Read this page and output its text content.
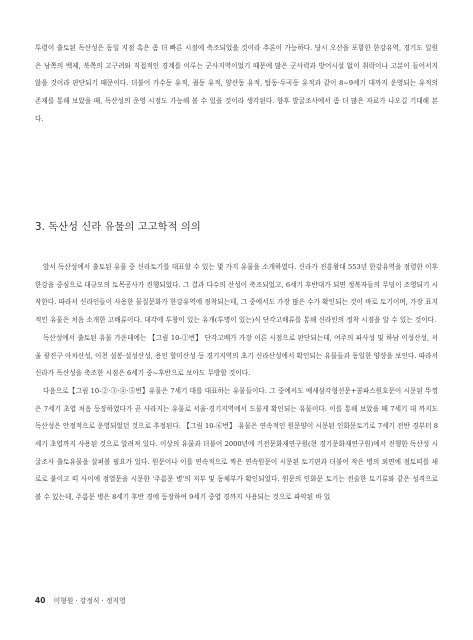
투령이 출토된 독산성은 동일 지점 혹은 좀 더 빠른 시점에 축조되었을 것이라 추론이 가능하다. 당시 오산을 포함한 한강유역, 경기도 일원은 남쪽의 백제, 북쪽의 고구려와 직접적인 경계를 이루는 군사지역이었기 때문에 많은 군사력과 방어시설 없이 취락이나 고분이 들어서지 않을 것이라 판단되기 때문이다. 더불어 가수동 유적, 궐동 유적, 양산동 유적, 탑동·두곡동 유적과 같이 8~9세기 대까지 운영되는 유적의 존재를 통해 보았을 때, 독산성의 운영 시점도 가능해 볼 수 있을 것이라 생각된다. 향후 발굴조사에서 좀 더 많은 자료가 나오길 기대해 본다.

3. 독산성 신라 유물의 고고학적 의의

앞서 독산성에서 출토된 유물 중 신라토기를 대표할 수 있는 몇 가지 유물을 소개하였다. 신라가 진흥왕대 553년 한강유역을 점령한 이후 한강을 중심으로 대규모의 토목공사가 진행되었다. 그 결과 다수의 산성이 축조되었고, 6세기 후반대가 되면 정복자들의 무덤이 조영되기 시작한다. 따라서 신라인들이 사용한 물질문화가 한강유역에 정착되는데, 그 중에서도 가장 많은 수가 확인되는 것이 바로 토기이며, 가장 표지적인 유물은 처음 소개한 고배류이다. 대각에 투창이 있는 유개(투명이 있는)식 단각고배류를 통해 신라인의 정착 시점을 알 수 있는 것이다.

독산성에서 출토된 유물 가운데에는 【그림 10-①번】 단각고배가 가장 이른 시점으로 판단되는데, 여주의 파사성 및 하남 이성산성, 서울 광진구 아차산성, 이천 설봉·설성산성, 용인 할미산성 등 경기지역의 초기 신라산성에서 확인되는 유물들과 동일한 양상을 보인다. 따라서 신라가 독산성을 축조한 시점은 6세기 중~후반으로 보아도 무방할 것이다.

다음으로【그림 10-②·③·④·⑤번】유물은 7세기 대를 대표하는 유물들이다. 그 중에서도 예새삼각형선문+콤파스원호문이 시문된 뚜껑은 7세기 초엽 처음 등장하였다가 곧 사라지는 유물로 서울·경기지역에서 드물게 확인되는 유물이다. 이를 통해 보았을 때 7세기 대 까지도 독산성은 안정적으로 운영되었던 것으로 추정된다. 【그림 10-⑥번】 유물은 연속적인 원문양이 시문된 인화문토기로 7세기 전반 경부터 8세기 초엽까지 사용된 것으로 알려져 있다. 이상의 유물과 더불어 2000년에 기전문화재연구원(현 경기문화재연구원)에서 진행한 독산성 시굴조사 출토유물을 살펴볼 필요가 있다. 원문이나 이를 연속적으로 찍은 연속원문이 시문된 토기편과 더불어 작은 병의 외면에 점토띠를 새로로 붙이고 띠 사이에 점열문을 시문한 '주름문 병'의 저부 및 동체부가 확인되었다. 원문의 인화문 토기는 전술한 토기류와 같은 성격으로 볼 수 있는데, 주름문 병은 8세기 후반 경에 등장하여 9세기 중엽 경까지 사용되는 것으로 파악된 바 있

40 이형원 · 강정식 · 정지영
